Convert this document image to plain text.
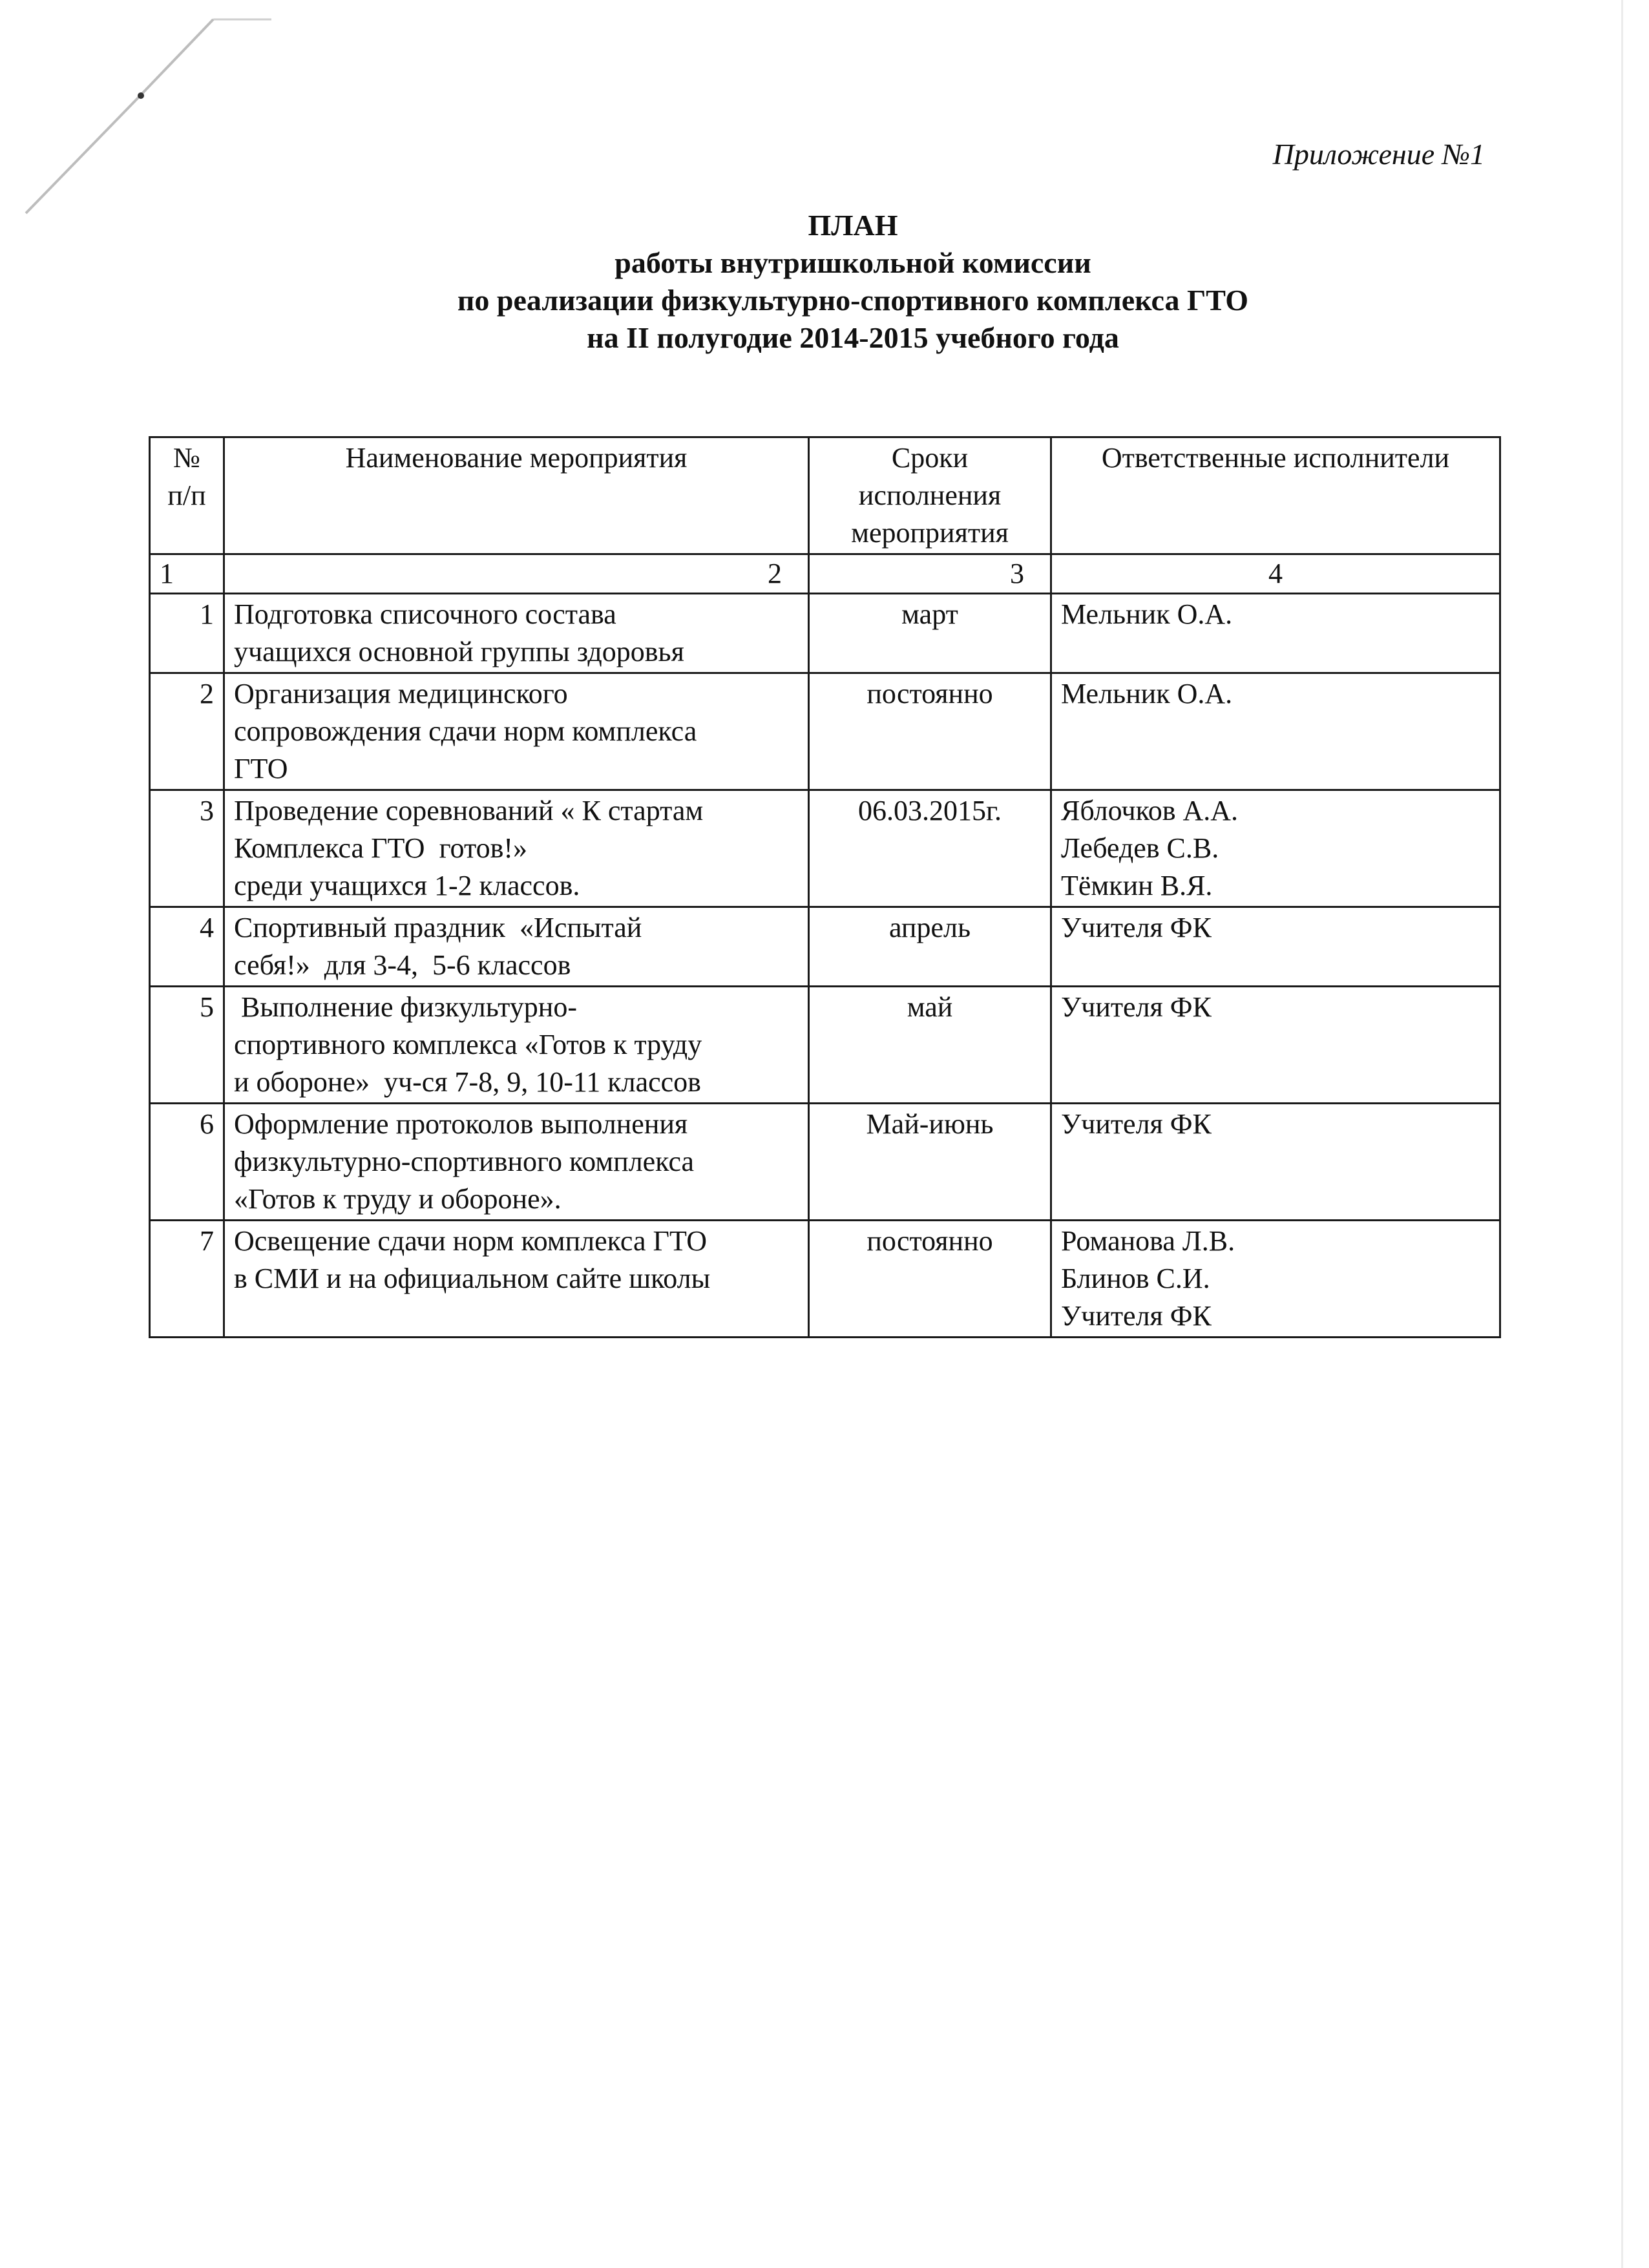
Приложение №1

ПЛАН
работы внутришкольной комиссии
по реализации физкультурно-спортивного комплекса ГТО
на II полугодие 2014-2015 учебного года
№
п/п	Наименование мероприятия	Сроки
исполнения
мероприятия	Ответственные исполнители
1	2	3	4
1	Подготовка списочного состава
учащихся основной группы здоровья	март	Мельник О.А.

2	Организация медицинского
сопровождения сдачи норм комплекса
ГТО	постоянно	Мельник О.А.

3	Проведение соревнований « К стартам
Комплекса ГТО  готов!»
среди учащихся 1-2 классов.	06.03.2015г.	Яблочков А.А.
Лебедев С.В.
Тёмкин В.Я.

4	Спортивный праздник  «Испытай
себя!»  для 3-4,  5-6 классов	апрель	Учителя ФК

5	Выполнение физкультурно-
спортивного комплекса «Готов к труду
и обороне»  уч-ся 7-8, 9, 10-11 классов	май	Учителя ФК

6	Оформление протоколов выполнения
физкультурно-спортивного комплекса
«Готов к труду и обороне».	Май-июнь	Учителя ФК

7	Освещение сдачи норм комплекса ГТО
в СМИ и на официальном сайте школы	постоянно	Романова Л.В.
Блинов С.И.
Учителя ФК
